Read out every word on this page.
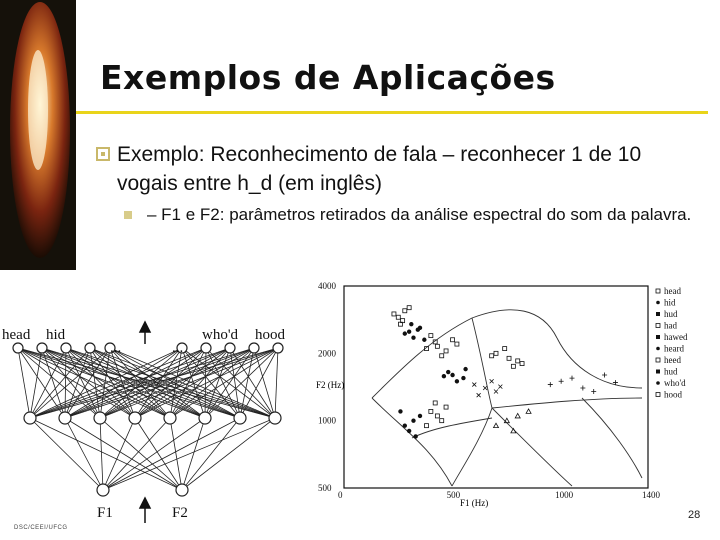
Exemplos de Aplicações
Exemplo: Reconhecimento de fala – reconhecer 1 de 10 vogais entre h_d (em inglês)
– F1 e F2: parâmetros retirados da análise espectral do som da palavra.
head hid
...	...
who'd hood
F1	F2
0	500	1000	1400
500
1000
2000
4000
F1 (Hz)
F2 (Hz)
head
hid
hud
had
hawed
heard
heed
hud
who'd
hood
DSC/CEEI/UFCG
28
